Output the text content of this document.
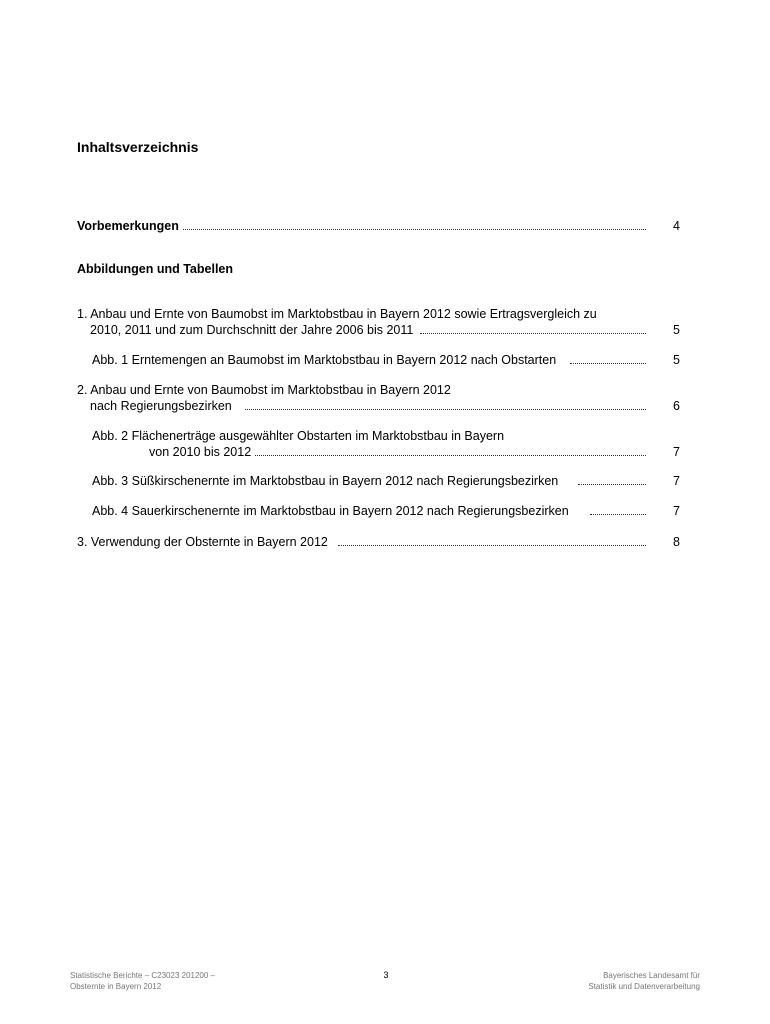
Inhaltsverzeichnis
Vorbemerkungen	4
Abbildungen und Tabellen
1. Anbau und Ernte von Baumobst im Marktobstbau in Bayern 2012 sowie Ertragsvergleich zu
2010, 2011 und zum Durchschnitt der Jahre 2006 bis 2011	5
Abb. 1 Erntemengen an Baumobst im Marktobstbau in Bayern 2012 nach Obstarten	5
2. Anbau und Ernte von Baumobst im Marktobstbau in Bayern 2012
nach Regierungsbezirken	6
Abb. 2 Flächenerträge ausgewählter Obstarten im Marktobstbau in Bayern
von 2010 bis 2012	7
Abb. 3 Süßkirschenernte im Marktobstbau in Bayern 2012 nach Regierungsbezirken	7
Abb. 4 Sauerkirschenernte im Marktobstbau in Bayern 2012 nach Regierungsbezirken	7
3. Verwendung der Obsternte in Bayern 2012	8
Statistische Berichte – C23023 201200 –
Obsternte in Bayern 2012
3	Bayerisches Landesamt für
Statistik und Datenverarbeitung
